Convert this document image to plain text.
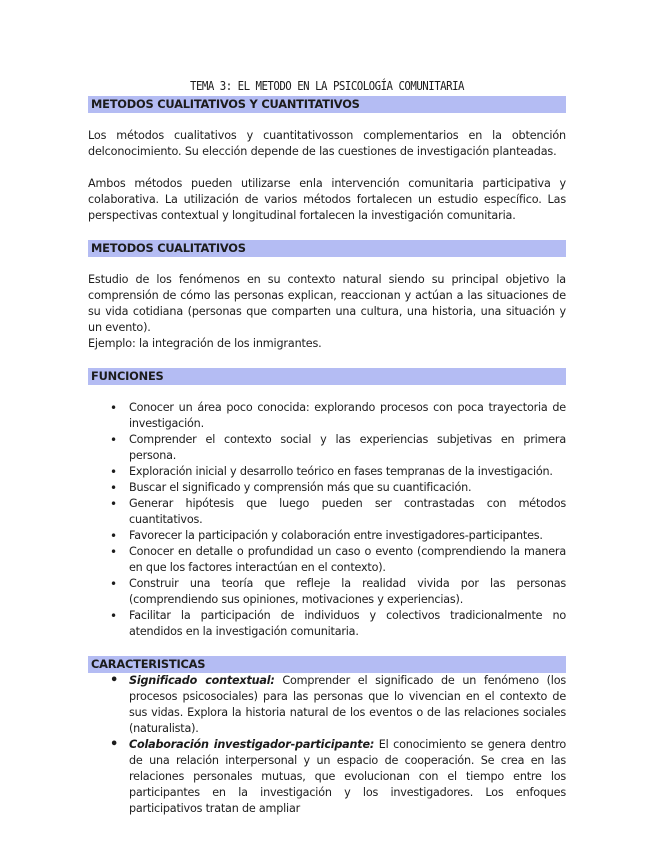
TEMA 3: EL METODO EN LA PSICOLOGÍA COMUNITARIA
METODOS CUALITATIVOS Y CUANTITATIVOS

Los métodos cualitativos y cuantitativosson complementarios en la obtención delconocimiento. Su elección depende de las cuestiones de investigación planteadas.

Ambos métodos pueden utilizarse enla intervención comunitaria participativa y colaborativa. La utilización de varios métodos fortalecen un estudio específico. Las perspectivas contextual y longitudinal fortalecen la investigación comunitaria.

METODOS CUALITATIVOS

Estudio de los fenómenos en su contexto natural siendo su principal objetivo la comprensión de cómo las personas explican, reaccionan y actúan a las situaciones de su vida cotidiana (personas que comparten una cultura, una historia, una situación y un evento).

Ejemplo: la integración de los inmigrantes.

FUNCIONES
• Conocer un área poco conocida: explorando procesos con poca trayectoria de investigación.
• Comprender el contexto social y las experiencias subjetivas en primera persona.
• Exploración inicial y desarrollo teórico en fases tempranas de la investigación.
• Buscar el significado y comprensión más que su cuantificación.
• Generar hipótesis que luego pueden ser contrastadas con métodos cuantitativos.
• Favorecer la participación y colaboración entre investigadores-participantes.
• Conocer en detalle o profundidad un caso o evento (comprendiendo la manera en que los factores interactúan en el contexto).
• Construir una teoría que refleje la realidad vivida por las personas (comprendiendo sus opiniones, motivaciones y experiencias).
• Facilitar la participación de individuos y colectivos tradicionalmente no atendidos en la investigación comunitaria.
CARACTERISTICAS
• Significado contextual: Comprender el significado de un fenómeno (los procesos psicosociales) para las personas que lo vivencian en el contexto de sus vidas. Explora la historia natural de los eventos o de las relaciones sociales (naturalista).
• Colaboración investigador-participante: El conocimiento se genera dentro de una relación interpersonal y un espacio de cooperación. Se crea en las relaciones personales mutuas, que evolucionan con el tiempo entre los participantes en la investigación y los investigadores. Los enfoques participativos tratan de ampliar
